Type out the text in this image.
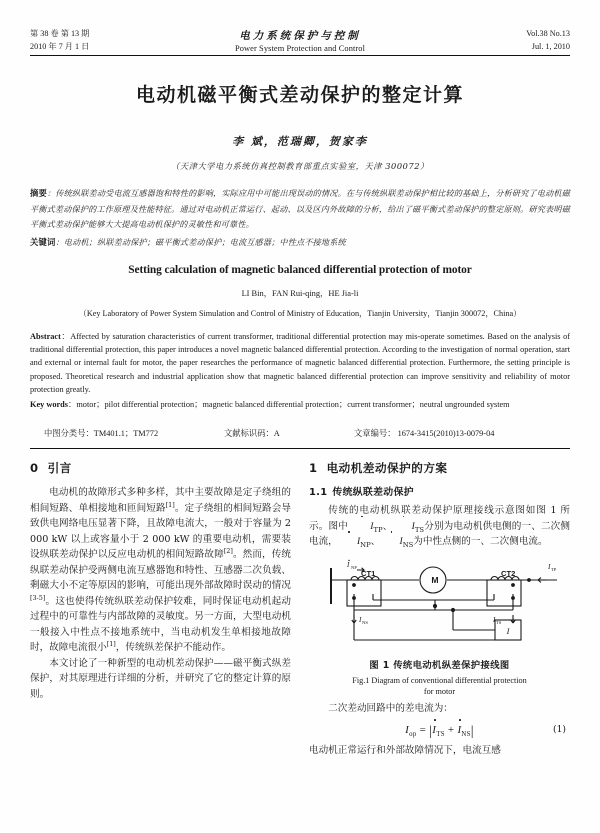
第 38 卷 第 13 期
2010 年 7 月 1 日
电力系统保护与控制
Power System Protection and Control
Vol.38 No.13
Jul. 1, 2010
电动机磁平衡式差动保护的整定计算
李 斌，范瑞卿，贺家李
（天津大学电力系统仿真控制教育部重点实验室，天津 300072）
摘要：传统纵联差动受电流互感器饱和特性的影响，实际应用中可能出现误动的情况。在与传统纵联差动保护相比较的基础上，分析研究了电动机磁平衡式差动保护的工作原理及性能特征。通过对电动机正常运行、起动、以及区内外故障的分析，给出了磁平衡式差动保护的整定原则。研究表明磁平衡式差动保护能够大大提高电动机保护的灵敏性和可靠性。
关键词：电动机；纵联差动保护；磁平衡式差动保护；电流互感器；中性点不接地系统
Setting calculation of magnetic balanced differential protection of motor
LI Bin，FAN Rui-qing，HE Jia-li
（Key Laboratory of Power System Simulation and Control of Ministry of Education，Tianjin University，Tianjin 300072，China）
Abstract：Affected by saturation characteristics of current transformer, traditional differential protection may mis-operate sometimes. Based on the analysis of traditional differential protection, this paper introduces a novel magnetic balanced differential protection. According to the investigation of normal operation, start and external or internal fault for motor, the paper researches the performance of magnetic balanced differential protection. Furthermore, the setting principle is proposed. Theoretical research and industrial application show that magnetic balanced differential protection can improve sensitivity and reliability of motor protection greatly.
Key words：motor；pilot differential protection；magnetic balanced differential protection；current transformer；neutral ungrounded system
中图分类号：TM401.1；TM772	文献标识码：A	文章编号： 1674-3415(2010)13-0079-04
0 引言

电动机的故障形式多种多样，其中主要故障是定子绕组的相间短路、单相接地和匝间短路[1]。定子绕组的相间短路会导致供电网络电压显著下降，且故障电流大，一般对于容量为 2 000 kW 以上或容量小于 2 000 kW 的重要电动机，需要装设纵联差动保护以反应电动机的相间短路故障[2]。然而，传统纵联差动保护受两侧电流互感器饱和特性、互感器二次负载、剩磁大小不定等原因的影响，可能出现外部故障时误动的情况[3-5]。这也使得传统纵联差动保护较难，同时保证电动机起动过程中的可靠性与内部故障的灵敏度。另一方面，大型电动机一般接入中性点不接地系统中，当电动机发生单相接地故障时，故障电流很小[1]，传统纵差保护不能动作。

本文讨论了一种新型的电动机差动保护——磁平衡式纵差保护，对其原理进行详细的分析，并研究了它的整定计算的原则。

1 电动机差动保护的方案
1.1 传统纵联差动保护

传统的电动机纵联差动保护原理接线示意图如图 1 所示。图中 $I_{TP}$、 $I_{TS}$分别为电动机供电侧的一、二次侧电流， $I_{NP}$、 $I_{NS}$为中性点侧的一、二次侧电流。

I NP
CT1
M
CT2
I TP
I NS	I TS
I
图 1 传统电动机纵差保护接线图
Fig.1 Diagram of conventional differential protection
for motor

二次差动回路中的差电流为：

$I_{op} = |I_{TS} + I_{NS}|$	(1)

电动机正常运行和外部故障情况下，电流互感
